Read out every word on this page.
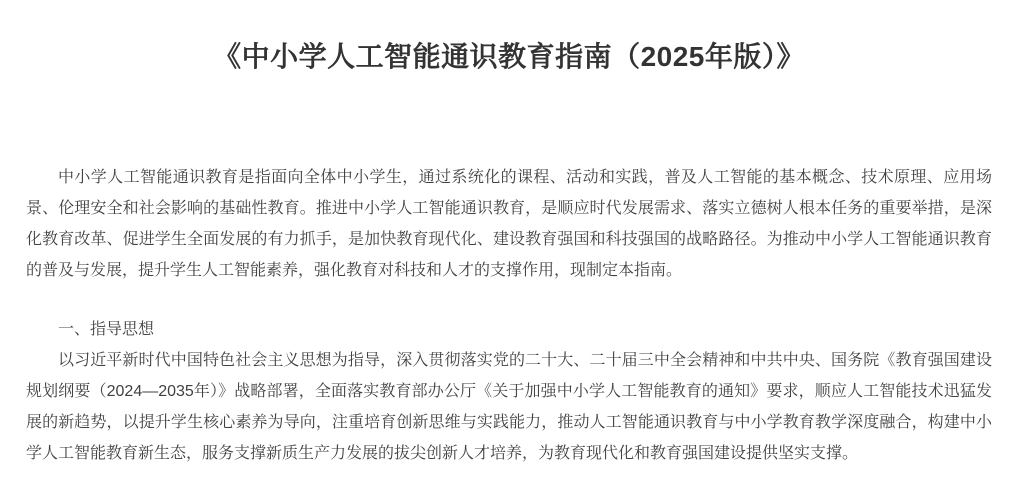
《中小学人工智能通识教育指南（2025年版）》

中小学人工智能通识教育是指面向全体中小学生，通过系统化的课程、活动和实践，普及人工智能的基本概念、技术原理、应用场景、伦理安全和社会影响的基础性教育。推进中小学人工智能通识教育，是顺应时代发展需求、落实立德树人根本任务的重要举措，是深化教育改革、促进学生全面发展的有力抓手，是加快教育现代化、建设教育强国和科技强国的战略路径。为推动中小学人工智能通识教育的普及与发展，提升学生人工智能素养，强化教育对科技和人才的支撑作用，现制定本指南。

一、指导思想

以习近平新时代中国特色社会主义思想为指导，深入贯彻落实党的二十大、二十届三中全会精神和中共中央、国务院《教育强国建设规划纲要（2024—2035年）》战略部署，全面落实教育部办公厅《关于加强中小学人工智能教育的通知》要求，顺应人工智能技术迅猛发展的新趋势，以提升学生核心素养为导向，注重培育创新思维与实践能力，推动人工智能通识教育与中小学教育教学深度融合，构建中小学人工智能教育新生态，服务支撑新质生产力发展的拔尖创新人才培养，为教育现代化和教育强国建设提供坚实支撑。
